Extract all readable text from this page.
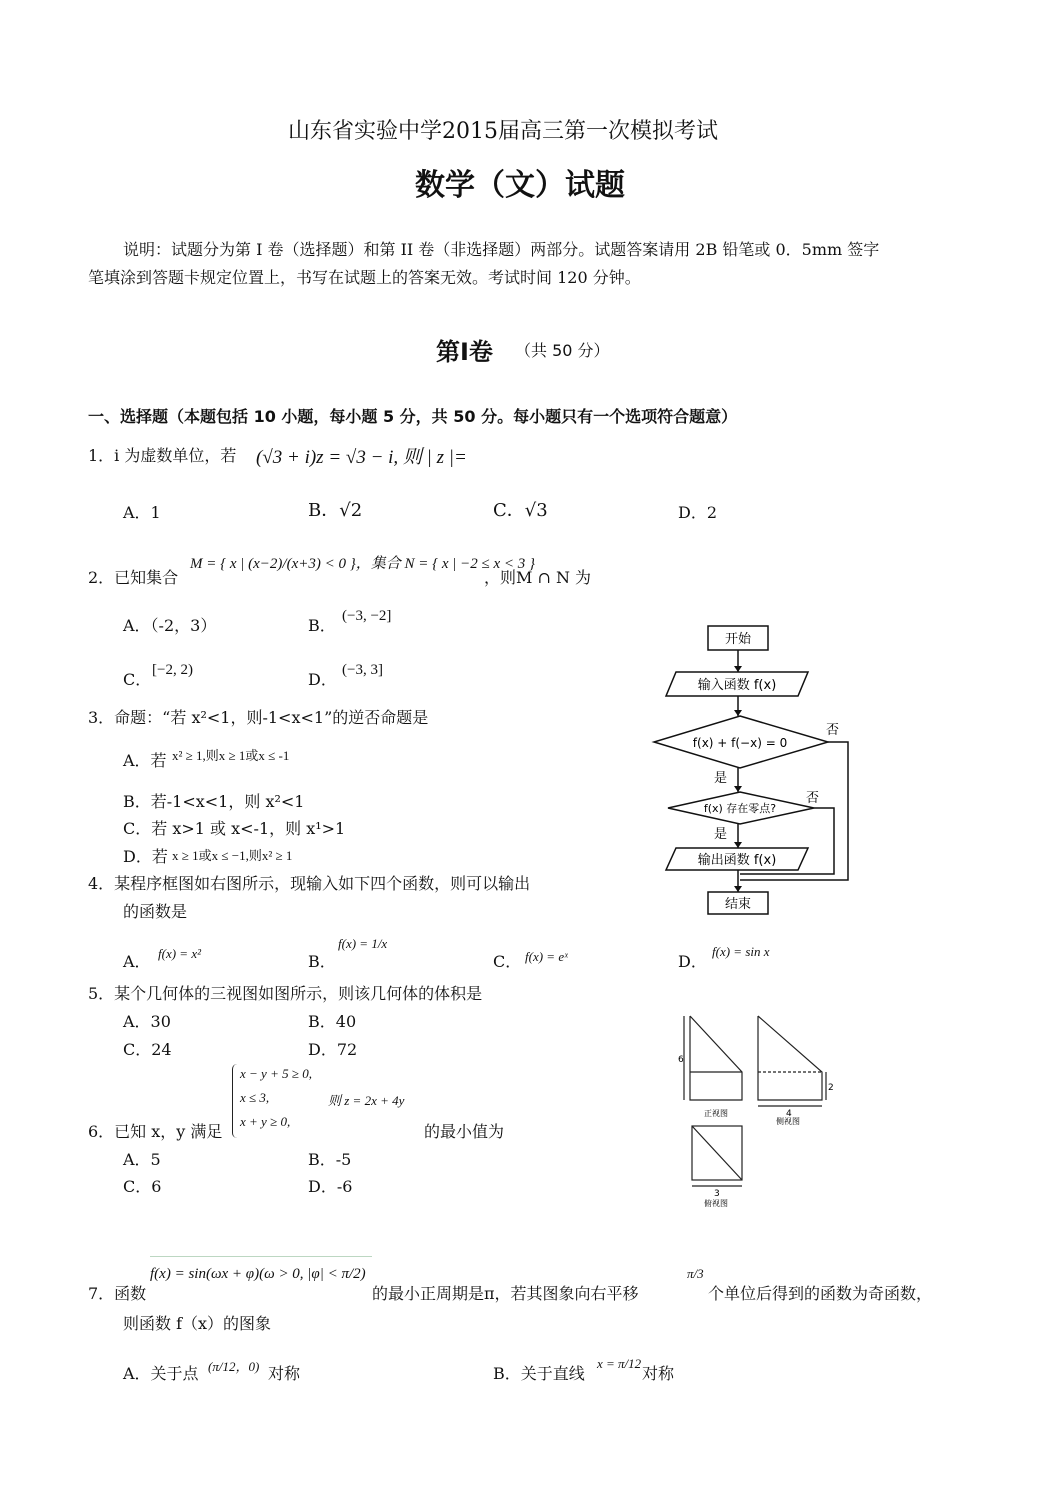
山东省实验中学2015届高三第一次模拟考试
数学（文）试题
说明：试题分为第 I 卷（选择题）和第 II 卷（非选择题）两部分。试题答案请用 2B 铅笔或 0．5mm 签字
笔填涂到答题卡规定位置上，书写在试题上的答案无效。考试时间 120 分钟。
第Ⅰ卷 （共 50 分）
一、选择题（本题包括 10 小题，每小题 5 分，共 50 分。每小题只有一个选项符合题意）
1．i 为虚数单位，若 (√3 + i)z = √3 − i, 则 | z |=
A．1	B．√2	C．√3	D．2
M = { x | (x−2)/(x+3) < 0 }，集合 N = { x | −2 ≤ x < 3 }
2．已知集合	，则M ∩ N 为
A．（-2，3）	B． (−3, −2]
C． [−2, 2)	D． (−3, 3]
3．命题：“若 x²<1，则-1<x<1”的逆否命题是
A．若 x² ≥ 1,则x ≥ 1或x ≤ -1
B．若-1<x<1，则 x²<1
C．若 x>1 或 x<-1，则 x¹>1
D．若 x ≥ 1或x ≤ −1,则x² ≥ 1
4．某程序框图如右图所示，现输入如下四个函数，则可以输出
的函数是
A． f(x) = x²	B．
f(x) = 1/x
C． f(x) = eˣ	D．
f(x) = sin x
开始
输入函数 f(x)
f(x) + f(−x) = 0
f(x) 存在零点?
输出函数 f(x)
结束
是
是
否
否
5．某个几何体的三视图如图所示，则该几何体的体积是
A．30	B．40
C．24	D．72
6
4
2
3
正视图
侧视图
俯视图
x − y + 5 ≥ 0,
x ≤ 3,
x + y ≥ 0,
则 z = 2x + 4y
6．已知 x，y 满足	的最小值为
A．5	B．-5
C．6	D．-6
7．函数
f(x) = sin(ωx + φ)(ω > 0, |φ| < π/2)
的最小正周期是π，若其图象向右平移
π/3
个单位后得到的函数为奇函数，
则函数 f（x）的图象
A．关于点 (π/12，0) 对称	B．关于直线
x = π/12
对称
